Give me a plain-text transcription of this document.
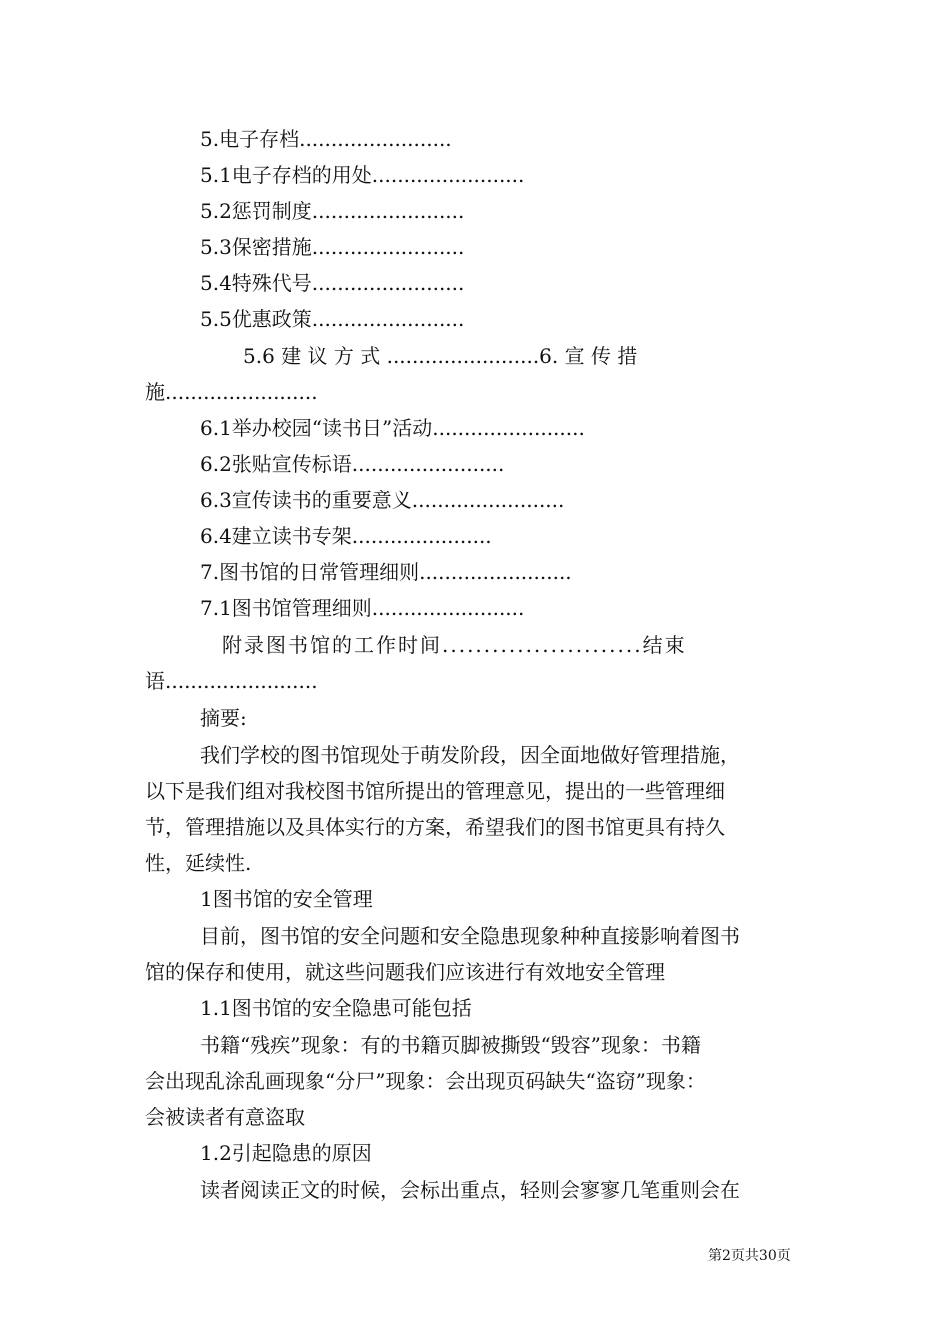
5.电子存档........................
5.1电子存档的用处........................
5.2惩罚制度........................
5.3保密措施........................
5.4特殊代号........................
5.5优惠政策........................
5.6 建 议 方 式 ........................6. 宣 传 措
施........................
6.1举办校园“读书日”活动........................
6.2张贴宣传标语........................
6.3宣传读书的重要意义........................
6.4建立读书专架......................
7.图书馆的日常管理细则........................
7.1图书馆管理细则........................
附录图书馆的工作时间........................结束
语........................
摘要:
我们学校的图书馆现处于萌发阶段，因全面地做好管理措施，
以下是我们组对我校图书馆所提出的管理意见，提出的一些管理细
节，管理措施以及具体实行的方案，希望我们的图书馆更具有持久
性，延续性.
1图书馆的安全管理
目前，图书馆的安全问题和安全隐患现象种种直接影响着图书
馆的保存和使用，就这些问题我们应该进行有效地安全管理
1.1图书馆的安全隐患可能包括
书籍“残疾”现象：有的书籍页脚被撕毁“毁容”现象：书籍
会出现乱涂乱画现象“分尸”现象：会出现页码缺失“盗窃”现象：
会被读者有意盗取
1.2引起隐患的原因
读者阅读正文的时候，会标出重点，轻则会寥寥几笔重则会在
第2页共30页
